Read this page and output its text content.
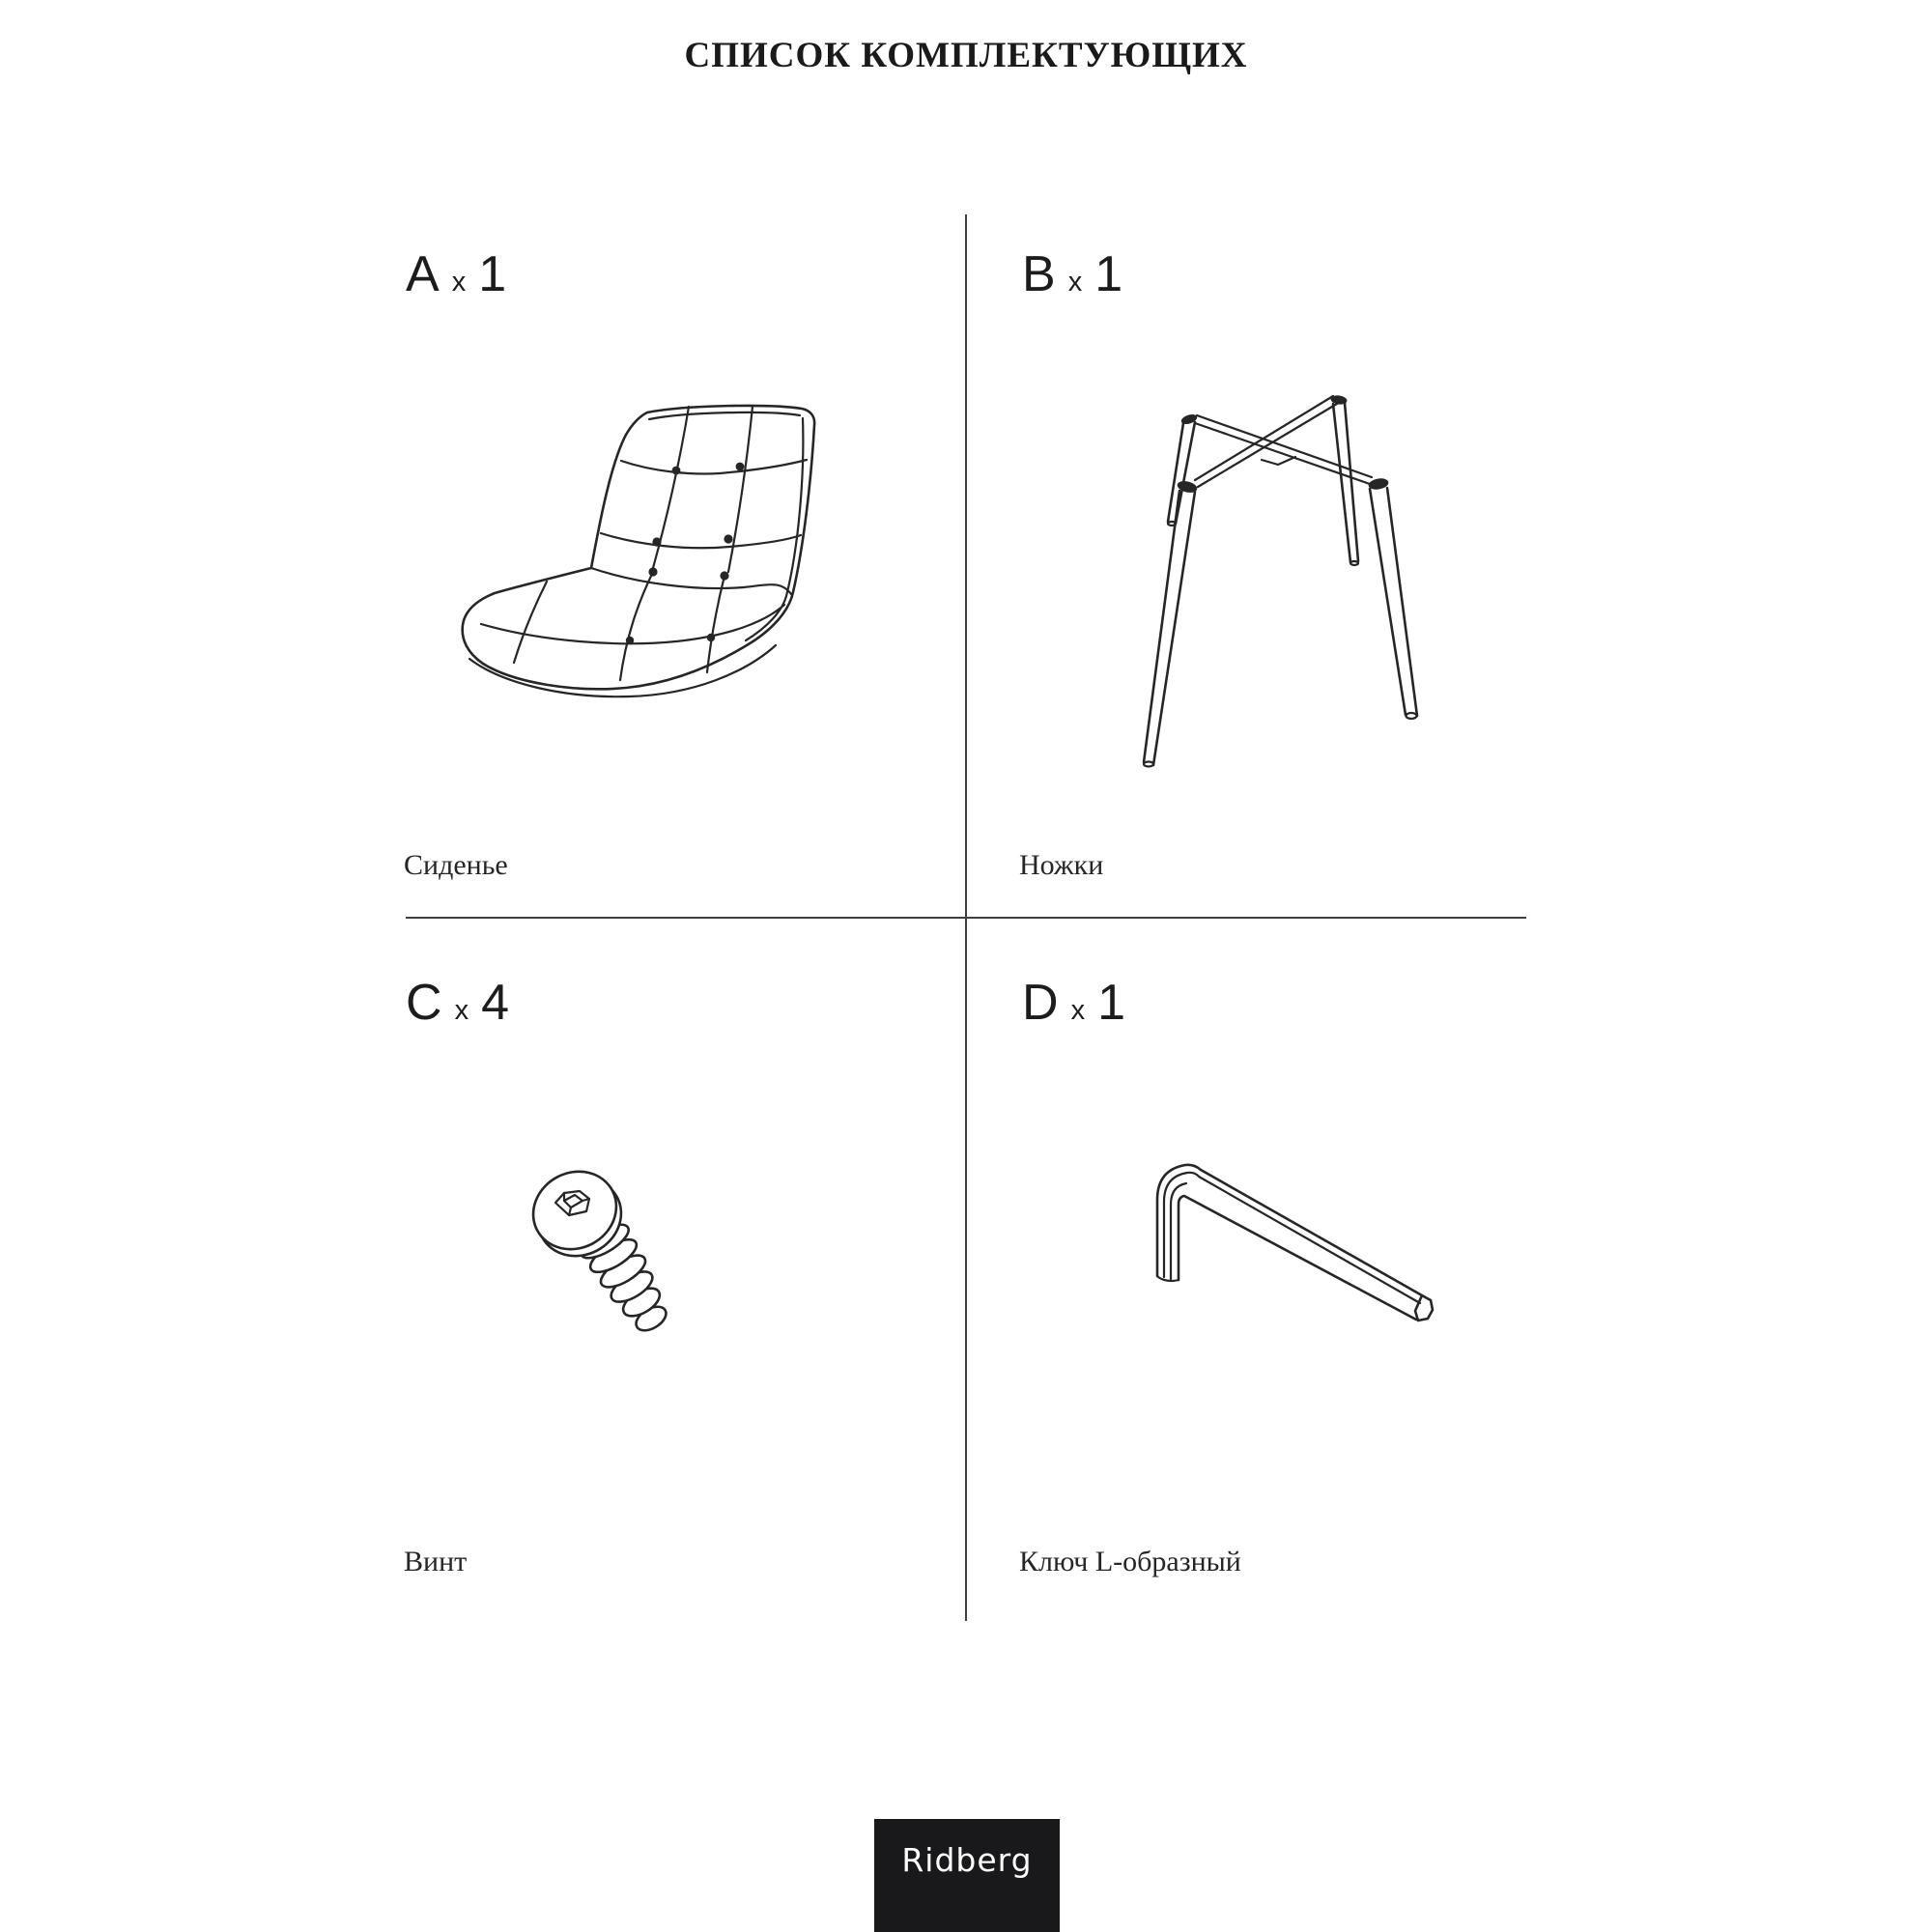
СПИСОК КОМПЛЕКТУЮЩИХ
A x 1	B x 1
C x 4	D x 1
Сиденье	Ножки
Винт	Ключ L-образный
Ridberg
